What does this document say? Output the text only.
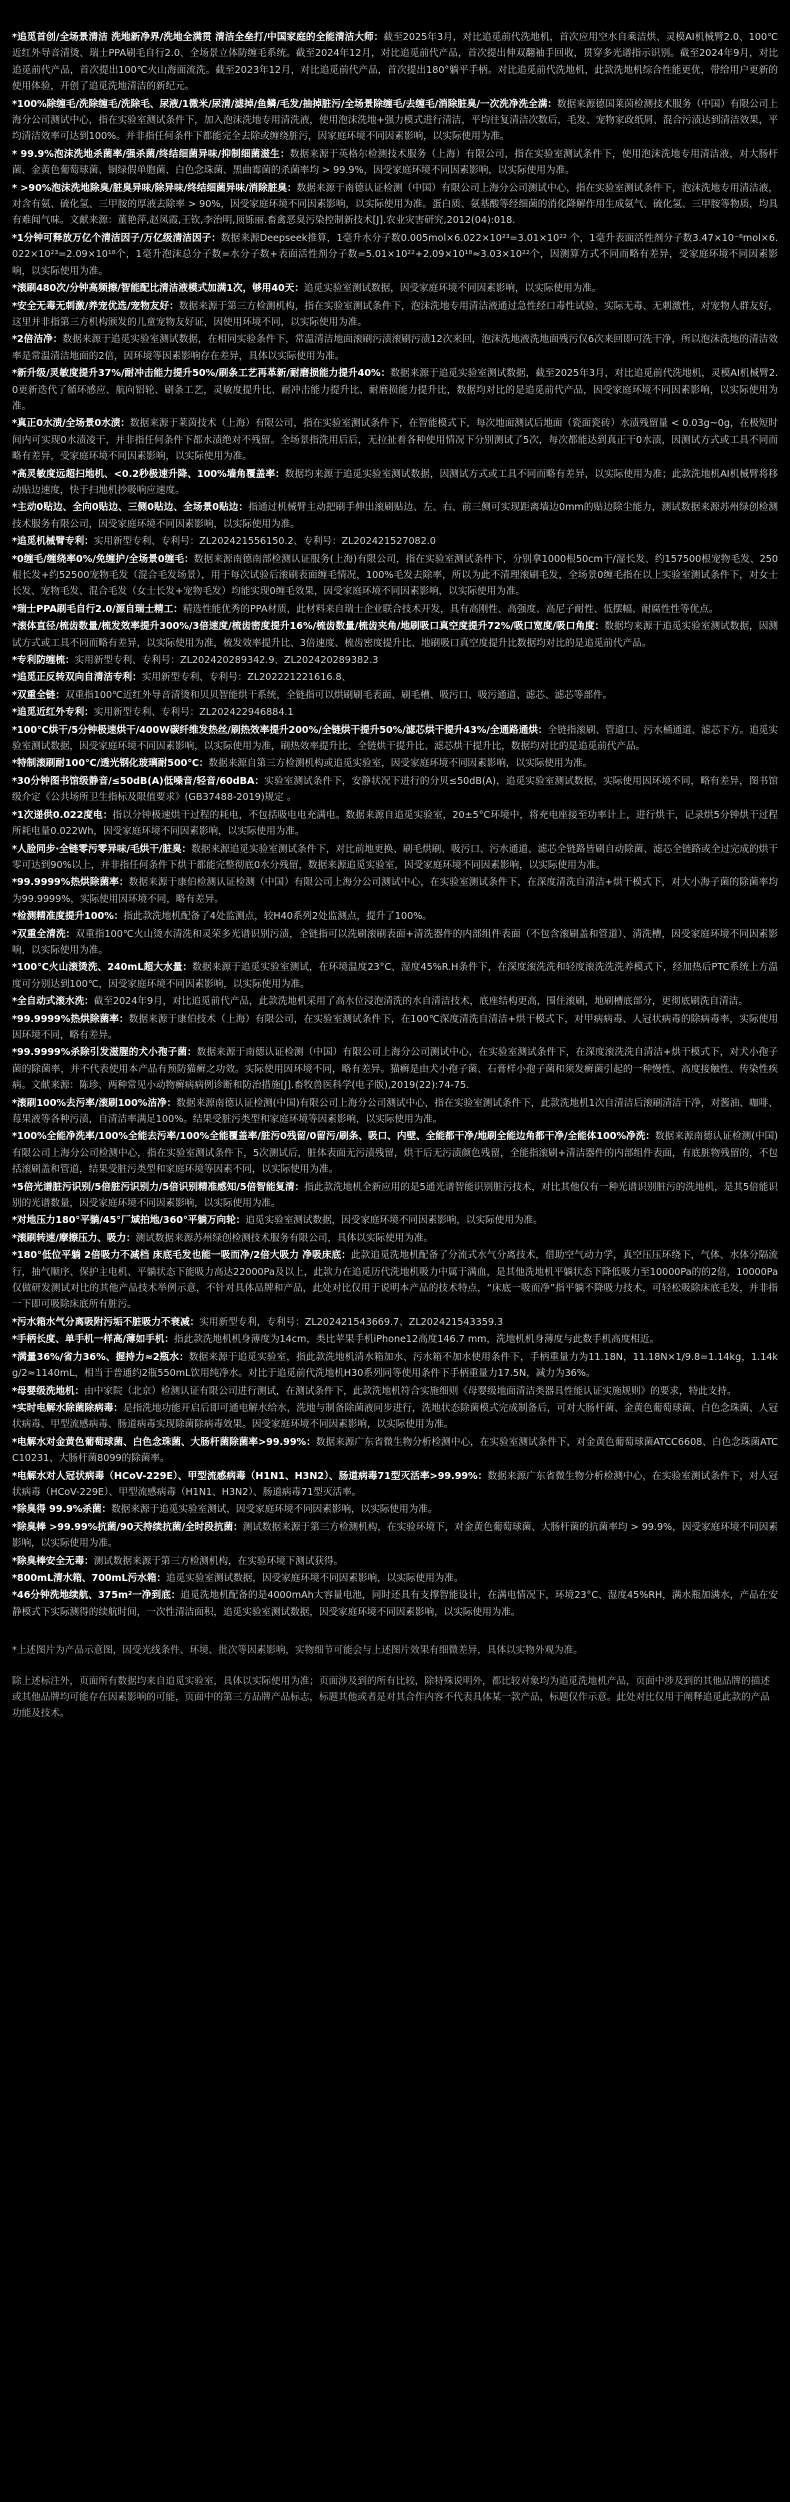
*追觅首创/全场景清洁 洗地新净界/洗地全满贯 清洁全垒打/中国家庭的全能清洁大师：截至2025年3月，对比追觅前代洗地机，首次应用空水自乘洁烘、灵模AI机械臂2.0、100℃近红外导音清烫、瑞士PPA刷毛自行2.0、全场景立体防缠毛系统。截至2024年12月，对比追觅前代产品，首次提出伸双翻袖手回收，贯穿多光谱指示识别。截至2024年9月，对比追觅前代产品，首次提出100℃火山海面流洗。截至2023年12月，对比追觅前代产品，首次提出180°躺平手柄。对比追觅前代洗地机，此款洗地机综合性能更优，带给用户更新的使用体验，开创了追觅洗地清洁的新纪元。

*100%除缠毛/洗除缠毛/洗除毛、尿液/1微米/尿清/滤掉/鱼鳞/毛发/抽掉脏污/全场景除缠毛/去缠毛/消除脏臭/一次洗净洗全满：数据来源德国莱茵检测技术服务（中国）有限公司上海分公司测试中心，指在实验室测试条件下，加入泡沫洗地专用清洗液，使用泡沫洗地+强力模式进行清洁，平均往复清洁次数后，毛发、宠物家政纸屑、混合污渍达到清洁效果，平均清洁效率可达到100%。并非指任何条件下都能完全去除或缠绕脏污，因家庭环境不同因素影响，以实际使用为准。

* 99.9%泡沫洗地杀菌率/强杀菌/终结细菌异味/抑制细菌滋生：数据来源于英格尔检测技术服务（上海）有限公司，指在实验室测试条件下，使用泡沫洗地专用清洁液，对大肠杆菌、金黄色葡萄球菌、铜绿假单胞菌、白色念珠菌、黑曲霉菌的杀菌率均 > 99.9%，因受家庭环境不同因素影响，以实际使用为准。

* >90%泡沫洗地除臭/脏臭异味/除异味/终结细菌异味/消除脏臭：数据来源于南德认证检测（中国）有限公司上海分公司测试中心，指在实验室测试条件下，泡沫洗地专用清洁液，对含有氨、硫化氢、三甲胺的厚液去除率 > 90%，因受家庭环境不同因素影响，以实际使用为准。蛋白质、氨基酸等经细菌的消化降解作用生成氨气、硫化氢、三甲胺等物质，均具有难闻气味。文献来源：董艳萍,赵凤霞,王钦,李治明,顶铄丽.畜禽恶臭污染控制新技术[J].农业灾害研究,2012(04):018.

*1分钟可释放万亿个清洁因子/万亿级清洁因子：数据来源Deepseek推算，1毫升水分子数0.005mol×6.022×10²³=3.01×10²² 个，1毫升表面活性剂分子数3.47×10⁻⁶mol×6.022×10²³=2.09×10¹⁸个，1毫升泡沫总分子数=水分子数+表面活性剂分子数=5.01×10²²+2.09×10¹⁸≈3.03×10²²个，因测算方式不同而略有差异，受家庭环境不同因素影响，以实际使用为准。

*滚刷480次/分钟高频擦/智能配比清洁液模式加满1次，够用40天：追觅实验室测试数据，因受家庭环境不同因素影响，以实际使用为准。

*安全无毒无刺激/养宠优选/宠物友好：数据来源于第三方检测机构，指在实验室测试条件下，泡沫洗地专用清洁液通过急性经口毒性试验、实际无毒、无刺激性，对宠物人群友好，这里并非指第三方机构颁发的儿童宠物友好证，因使用环境不同，以实际使用为准。

*2倍洁净：数据来源于追觅实验室测试数据，在相同实验条件下，常温清洁地面滚刷污渍滚刷污渍12次来回，泡沫洗地液洗地面残污仅6次来回即可洗干净，所以泡沫洗地的清洁效率是常温清洁地面的2倍，因环境等因素影响存在差异，具体以实际使用为准。

*新升级/灵敏度提升37%/耐冲击能力提升50%/刷条工艺再革新/耐磨损能力提升40%：数据来源于追觅实验室测试数据，截至2025年3月，对比追觅前代洗地机，灵模AI机械臂2.0更新迭代了循环感应、航向铝轮、刷条工艺，灵敏度提升比、耐冲击能力提升比、耐磨损能力提升比，数据均对比的是追觅前代产品，因受家庭环境不同因素影响，以实际使用为准。

*真正0水渍/全场景0水渍：数据来源于莱茵技术（上海）有限公司，指在实验室测试条件下，在智能模式下，每次地面测试后地面（瓷面瓷砖）水渍残留量 < 0.03g~0g，在极短时间内可实现0水渍凌干，并非指任何条件下都水渍绝对不残留。全场景指洗用后后，无拉扯着各种使用情况下分别测试了5次，每次都能达到真正干0水渍，因测试方式或工具不同而略有差异，受家庭环境不同因素影响，以实际使用为准。

*高灵敏度远超扫地机、<0.2秒极速升降、100%墙角覆盖率：数据均来源于追觅实验室测试数据，因测试方式或工具不同而略有差异，以实际使用为准；此款洗地机AI机械臂将移动贴边速度，快于扫地机抄吸响应速度。

*主动0贴边、全向0贴边、三侧0贴边、全场景0贴边：指通过机械臂主动把刷手伸出滚刷贴边、左、右、前三侧可实现距离墙边0mm的贴边除尘能力，测试数据来源苏州绿创检测技术服务有限公司，因受家庭环境不同因素影响，以实际使用为准。

*追觅机械臂专利：实用新型专利、专利号：ZL202421556150.2、专利号：ZL202421527082.0

*0缠毛/缠绕率0%/免缠护/全场景0缠毛：数据来源南德南部检测认证服务(上海)有限公司，指在实验室测试条件下，分别拿1000根50cm干/湿长发、约157500根宠物毛发、250根长发+约52500宠物毛发（混合毛发场景），用于每次试验后滚刷表面缠毛情况，100%毛发去除率，所以为此不清理滚刷毛发，全场景0缠毛指在以上实验室测试条件下，对女士长发、宠物毛发、混合毛发（女士长发+宠物毛发）均能实现0缠毛效果，因受家庭环境不同因素影响，以实际使用为准。

*瑞士PPA刷毛自行2.0/源自瑞士精工：精选性能优秀的PPA材质，此材料来自瑞士企业联合技术开发，具有高刚性、高强度、高尼子耐性、低摆幅、耐腐性性等优点。

*滚体直径/梳齿数量/梳发效率提升300%/3倍速度/梳齿密度提升16%/梳齿数量/梳齿夹角/地刷吸口真空度提升72%/吸口宽度/吸口角度：数据均来源于追觅实验室测试数据，因测试方式或工具不同而略有差异，以实际使用为准，梳发效率提升比、3倍速度、梳齿密度提升比、地刷吸口真空度提升比数据均对比的是追觅前代产品。

*专利防缠梳：实用新型专利、专利号：ZL202420289342.9、ZL202420289382.3

*追觅正反转双向自清洁专利：实用新型专利、专利号：ZL202221221616.8、

*双重全链：双重指100℃近红外导音清烫和贝贝智能烘干系统，全链指可以烘刷刷毛表面、刷毛槽、吸污口、吸污通道、滤芯、滤芯等部件。

*追觅近红外专利：实用新型专利、专利号：ZL202422946884.1

*100℃烘干/5分钟极速烘干/400W碳纤维发热丝/刷热效率提升200%/全链烘干提升50%/滤芯烘干提升43%/全通路通烘：全链指滚刷、管道口、污水桶通道、滤芯下方。追觅实验室测试数据，因受家庭环境不同因素影响，以实际使用为准，刷热效率提升比、全链烘干提升比、滤芯烘干提升比，数据均对比的是追觅前代产品。

*特制滚刷耐100℃/透光钢化玻璃耐500℃：数据来源自第三方检测机构或追觅实验室，因受家庭环境不同因素影响，以实际使用为准。

*30分钟图书馆级静音/≤50dB(A)低噪音/轻音/60dBA：实验室测试条件下，安静状况下进行的分贝≤50dB(A)，追觅实验室测试数据，实际使用因环境不同，略有差异，图书馆级介定《公共场所卫生指标及限值要求》(GB37488-2019)规定 。

*1次递供0.022度电：指以分钟极速烘干过程的耗电，不包括吸电电充满电。数据来源自追觅实验室，20±5°C环境中，将充电座接至功率计上，进行烘干，记录烘5分钟烘干过程所耗电量0.022Wh，因受家庭环境不同因素影响，以实际使用为准。

*人脸同步·全链零污零异味/毛烘干/脏臭：数据来源追觅实验室测试条件下，对比前地更换、刷毛烘刷、吸污口、污水通道、滤芯全链路皆刷自动除菌、滤芯全链路或全过完成的烘干零可达到90%以上，并非指任何条件下烘干都能完整彻底0水分残留，数据来源追觅实验室，因受家庭环境不同因素影响，以实际使用为准。

*99.9999%热烘除菌率：数据来源于康伯检测认证检测（中国）有限公司上海分公司测试中心，在实验室测试条件下，在深度清洗自清洁+烘干模式下，对大小海子菌的除菌率均为99.9999%，实际使用因环境不同，略有差异。

*检测精准度提升100%：指此款洗地机配备了4处监测点，较H40系列2处监测点，提升了100%。

*双重全清洗：双重指100℃火山烫水清洗和灵荣多光谱识别污渍，全链指可以洗刷滚刷表面+清洗器件的内部组件表面（不包含滚刷盖和管道）、清洗槽，因受家庭环境不同因素影响，以实际使用为准。

*100℃火山滚烫洗、240mL超大水量：数据来源于追觅实验室测试，在环境温度23°C、湿度45%R.H条件下，在深度滚洗洗和轻度滚洗洗洗养模式下，经加热后PTC系统上方温度可分别达到100℃，因受家庭环境不同因素影响，以实际使用为准。

*全自动式滚水洗：截至2024年9月，对比追觅前代产品，此款洗地机采用了高水位浸泡清洗的水自清洁技术，底座结构更高，围住滚刷，地刷槽底部分，更彻底刷洗自清洁。

*99.9999%热烘除菌率：数据来源于康伯技术（上海）有限公司，在实验室测试条件下，在100℃深度清洗自清洁+烘干模式下，对甲病病毒、人冠状病毒的除病毒率，实际使用因环境不同，略有差异。

*99.9999%杀除引发滋腥的犬小孢子菌：数据来源于南德认证检测（中国）有限公司上海分公司测试中心，在实验室测试条件下，在深度滚洗洗自清洁+烘干模式下，对犬小孢子菌的除菌率，并不代表使用本产品有预防猫癣之功效。实际使用因环境不同，略有差异。猫癣是由犬小孢子菌、石膏样小孢子菌和须发癣菌引起的一种慢性、高度接触性、传染性疾病。文献来源：陈珍、两种常见小动物癣病病例诊断和防治措施[J].畜牧兽医科学(电子版),2019(22):74-75.

*滚刷100%去污率/滚刷100%洁净：数据来源南德认证检测(中国)有限公司上海分公司测试中心，指在实验室测试条件下，此款洗地机1次自清洁后滚刷清洁干净，对酱油、咖啡、莓果液等各种污渍，自清洁率满足100%。结果受脏污类型和家庭环境等因素影响，以实际使用为准。

*100%全能净洗率/100%全能去污率/100%全能覆盖率/脏污0残留/0留污/刷条、吸口、内壁、全能都干净/地刷全能边角都干净/全能体100%净洗：数据来源南德认证检测(中国)有限公司上海分公司检测中心，指在实验室测试条件下，5次测试后，脏体表面无污渍残留，烘干后无污渍颜色残留，全能指滚刷+清洁器件的内部组件表面，有底脏物残留的，不包括滚刷盖和管道，结果受脏污类型和家庭环境等因素不同，以实际使用为准。

*5倍光谱脏污识别/5倍脏污识别力/5倍识别精准感知/5倍智能复清：指此款洗地机全新应用的是5通光谱智能识别脏污技术，对比其他仅有一种光谱识别脏污的洗地机，是其5倍能识别的光谱数量，因受家庭环境不同因素影响，以实际使用为准。

*对地压力180°平躺/45°厂域拍地/360°平躺万向轮：追觅实验室测试数据，因受家庭环境不同因素影响，以实际使用为准。

*滚刷转速/摩擦压力、吸力：测试数据来源苏州绿创检测技术服务有限公司，具体以实际使用为准。

*180°低位平躺 2倍吸力不减档 床底毛发也能一吸而净/2倍大吸力 净吸床底：此款追觅洗地机配备了分流式水气分离技术，借助空气动力学，真空压压环绕下，气体、水体分隔流行，抽气顺序、保护主电机、平躺状态下能吸力高达22000Pa及以上，此款力在追觅历代洗地机吸力中属于满血，是其他洗地机平躺状态下降低吸力至10000Pa的的2倍，10000Pa仅做研发测试对比的其他产品技术举例示意，不针对具体品牌和产品，此处对比仅用于说明本产品的技术特点，“床底一吸而净”指平躺不降吸力技术，可轻松吸除床底毛发，并非指一下即可吸除床底所有脏污。

*污水箱水气分离吸附污垢不脏吸力不衰减：实用新型专利，专利号：ZL202421543669.7、ZL202421543359.3

*手柄长度、单手机一样高/薄如手机：指此款洗地机机身薄度为14cm，类比苹果手机iPhone12高度146.7 mm，洗地机机身薄度与此数手机高度相近。

*满量36%/省力36%、握持力≈2瓶水：数据来源于追觅实验室，指此款洗地机清水箱加水、污水箱不加水使用条件下，手柄重量力为11.18N，11.18N×1/9.8=1.14kg，1.14kg/2≈1140mL，相当于普通约2瓶550mL饮用纯净水。对比于追觅前代洗地机H30系列同等使用条件下手柄重量力17.5N，减力为36%。

*母婴级洗地机：由中家院（北京）检测认证有限公司进行测试，在测试条件下，此款洗地机符合实施细则《母婴级地面清洁类器具性能认证实施规则》的要求，特此支持。

*实时电解水除菌除病毒：是指洗地功能开启后即可通电解水给水，洗地与制备除菌液同步进行，洗地状态除菌模式完成制备后，可对大肠杆菌、金黄色葡萄球菌、白色念珠菌、人冠状病毒、甲型流感病毒、肠道病毒实现除菌除病毒效果。因受家庭环境不同因素影响，以实际使用为准。

*电解水对金黄色葡萄球菌、白色念珠菌、大肠杆菌除菌率>99.99%：数据来源广东省微生物分析检测中心，在实验室测试条件下，对金黄色葡萄球菌ATCC6608、白色念珠菌ATCC10231、大肠杆菌8099的除菌率。

*电解水对人冠状病毒（HCoV-229E）、甲型流感病毒（H1N1、H3N2）、肠道病毒71型灭活率>99.99%：数据来源广东省微生物分析检测中心，在实验室测试条件下，对人冠状病毒（HCoV-229E）、甲型流感病毒（H1N1、H3N2）、肠道病毒71型灭活率。

*除臭得 99.9%杀菌：数据来源于追觅实验室测试，因受家庭环境不同因素影响，以实际使用为准。

*除臭棒 >99.99%抗菌/90天持续抗菌/全时段抗菌：测试数据来源于第三方检测机构，在实验环境下，对金黄色葡萄球菌、大肠杆菌的抗菌率均 > 99.9%，因受家庭环境不同因素影响，以实际使用为准。

*除臭棒安全无毒：测试数据来源于第三方检测机构，在实验环境下测试获得。

*800mL清水箱、700mL污水箱：追觅实验室测试数据，因受家庭环境不同因素影响，以实际使用为准。

*46分钟洗地续航、375m²一净到底：追觅洗地机配备的是4000mAh大容量电池，同时还具有支撑智能设计，在满电情况下，环境23°C、湿度45%RH，满水瓶加满水，产品在安静模式下实际测得的续航时间，一次性清洁面积，追觅实验室测试数据，因受家庭环境不同因素影响，以实际使用为准。

*上述图片为产品示意图，因受光线条件、环境、批次等因素影响，实物细节可能会与上述图片效果有细微差异，具体以实物外观为准。

除上述标注外，页面所有数据均来自追觅实验室，具体以实际使用为准；页面涉及到的所有比较，除特殊说明外，都比较对象均为追觅洗地机产品，页面中涉及到的其他品牌的描述或其他品牌均可能存在因素影响的可能，页面中的第三方品牌产品标志，标题其他或者是对其合作内容不代表具体某一款产品，标题仅作示意。此处对比仅用于阐释追觅此款的产品功能及技术。
